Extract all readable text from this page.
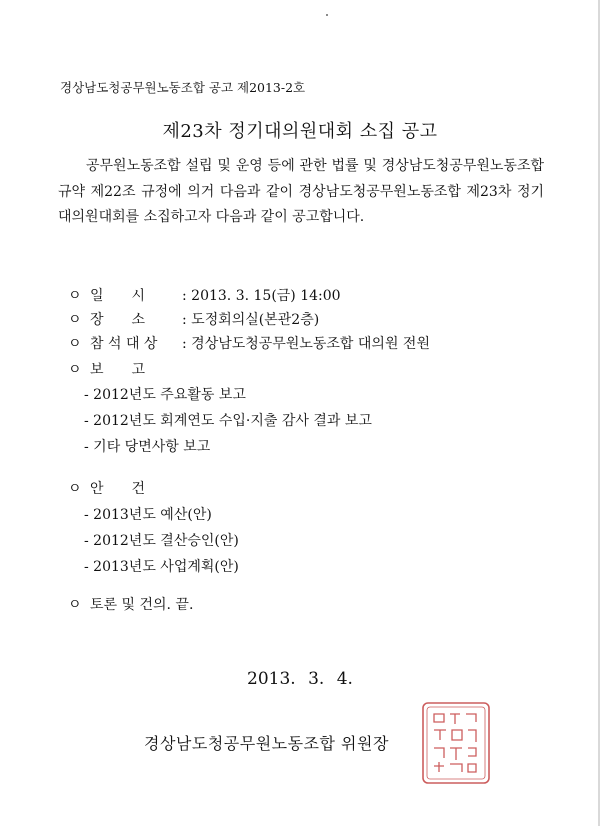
경상남도청공무원노동조합 공고 제2013-2호
제23차 정기대의원대회 소집 공고

공무원노동조합 설립 및 운영 등에 관한 법률 및 경상남도청공무원노동조합 규약 제22조 규정에 의거 다음과 같이 경상남도청공무원노동조합 제23차 정기대의원대회를 소집하고자 다음과 같이 공고합니다.

ㅇ 일　　시	: 2013. 3. 15(금) 14:00
ㅇ 장　　소	: 도정회의실(본관2층)
ㅇ 참 석 대 상 : 경상남도청공무원노동조합 대의원 전원
ㅇ 보　　고
- 2012년도 주요활동 보고
- 2012년도 회계연도 수입·지출 감사 결과 보고
- 기타 당면사항 보고
ㅇ 안　　건
- 2013년도 예산(안)
- 2012년도 결산승인(안)
- 2013년도 사업계획(안)
ㅇ 토론 및 건의. 끝.
2013. 3. 4.
경상남도청공무원노동조합 위원장
